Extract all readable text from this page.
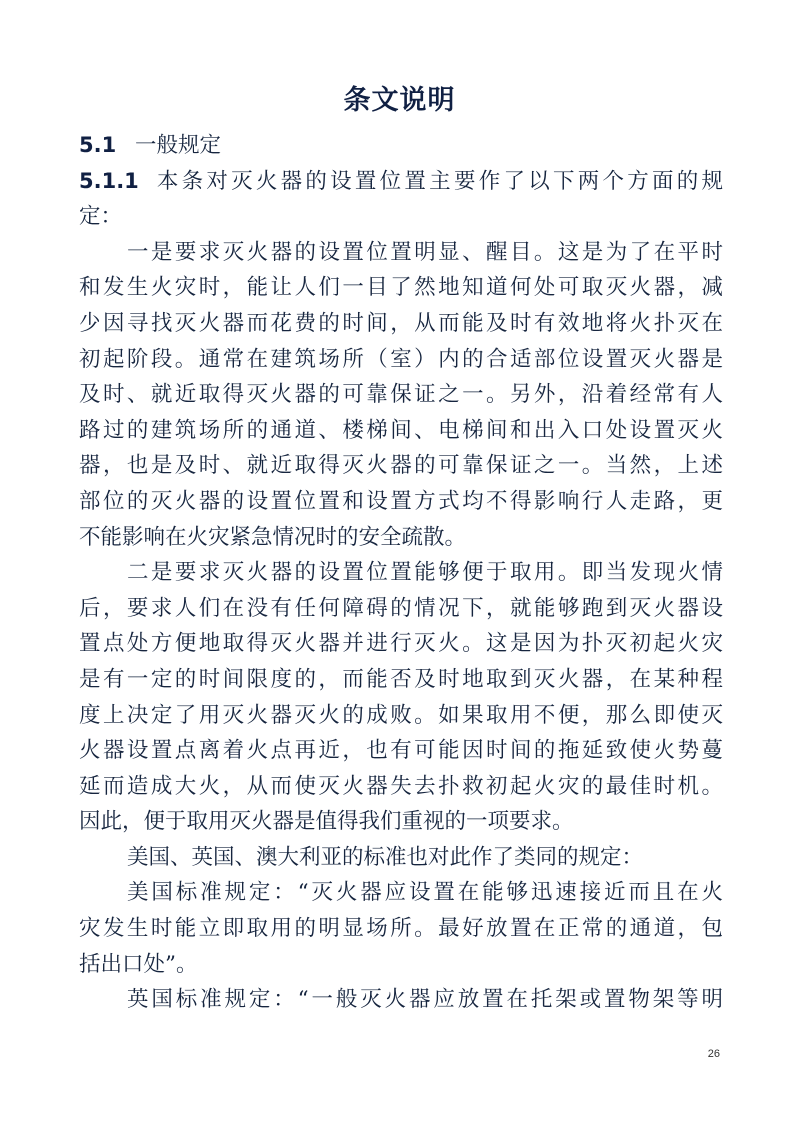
条文说明
5.1 一般规定
5.1.1 本条对灭火器的设置位置主要作了以下两个方面的规
定：
一是要求灭火器的设置位置明显、醒目。这是为了在平时
和发生火灾时，能让人们一目了然地知道何处可取灭火器，减
少因寻找灭火器而花费的时间，从而能及时有效地将火扑灭在
初起阶段。通常在建筑场所（室）内的合适部位设置灭火器是
及时、就近取得灭火器的可靠保证之一。另外，沿着经常有人
路过的建筑场所的通道、楼梯间、电梯间和出入口处设置灭火
器，也是及时、就近取得灭火器的可靠保证之一。当然，上述
部位的灭火器的设置位置和设置方式均不得影响行人走路，更
不能影响在火灾紧急情况时的安全疏散。
二是要求灭火器的设置位置能够便于取用。即当发现火情
后，要求人们在没有任何障碍的情况下，就能够跑到灭火器设
置点处方便地取得灭火器并进行灭火。这是因为扑灭初起火灾
是有一定的时间限度的，而能否及时地取到灭火器，在某种程
度上决定了用灭火器灭火的成败。如果取用不便，那么即使灭
火器设置点离着火点再近，也有可能因时间的拖延致使火势蔓
延而造成大火，从而使灭火器失去扑救初起火灾的最佳时机。
因此，便于取用灭火器是值得我们重视的一项要求。
美国、英国、澳大利亚的标准也对此作了类同的规定：
美国标准规定：“灭火器应设置在能够迅速接近而且在火
灾发生时能立即取用的明显场所。最好放置在正常的通道，包
括出口处”。
英国标准规定：“一般灭火器应放置在托架或置物架等明
26
